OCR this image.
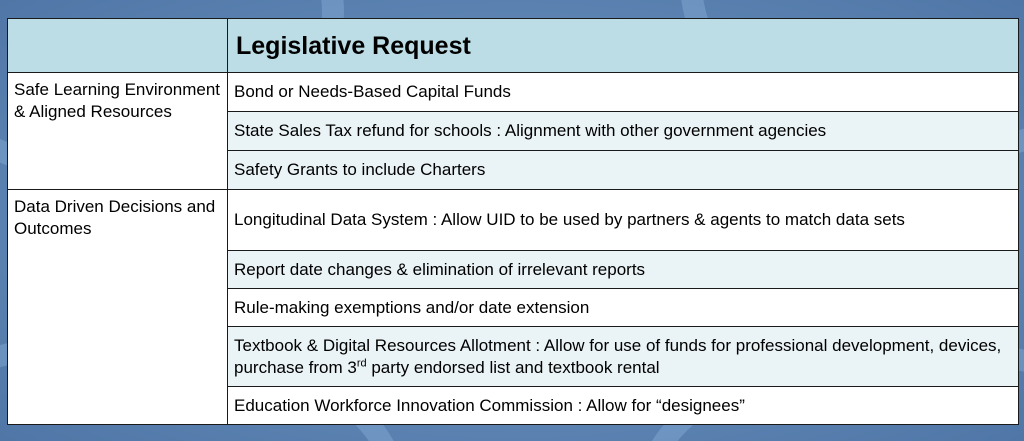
	Legislative Request
Safe Learning Environment & Aligned Resources	Bond or Needs-Based Capital Funds
	State Sales Tax refund for schools : Alignment with other government agencies
	Safety Grants to include Charters
Data Driven Decisions and Outcomes	Longitudinal Data System : Allow UID to be used by partners & agents to match data sets
	Report date changes & elimination of irrelevant reports
	Rule-making exemptions and/or date extension
	Textbook & Digital Resources Allotment : Allow for use of funds for professional development, devices, purchase from 3rd party endorsed list and textbook rental
	Education Workforce Innovation Commission : Allow for “designees”
